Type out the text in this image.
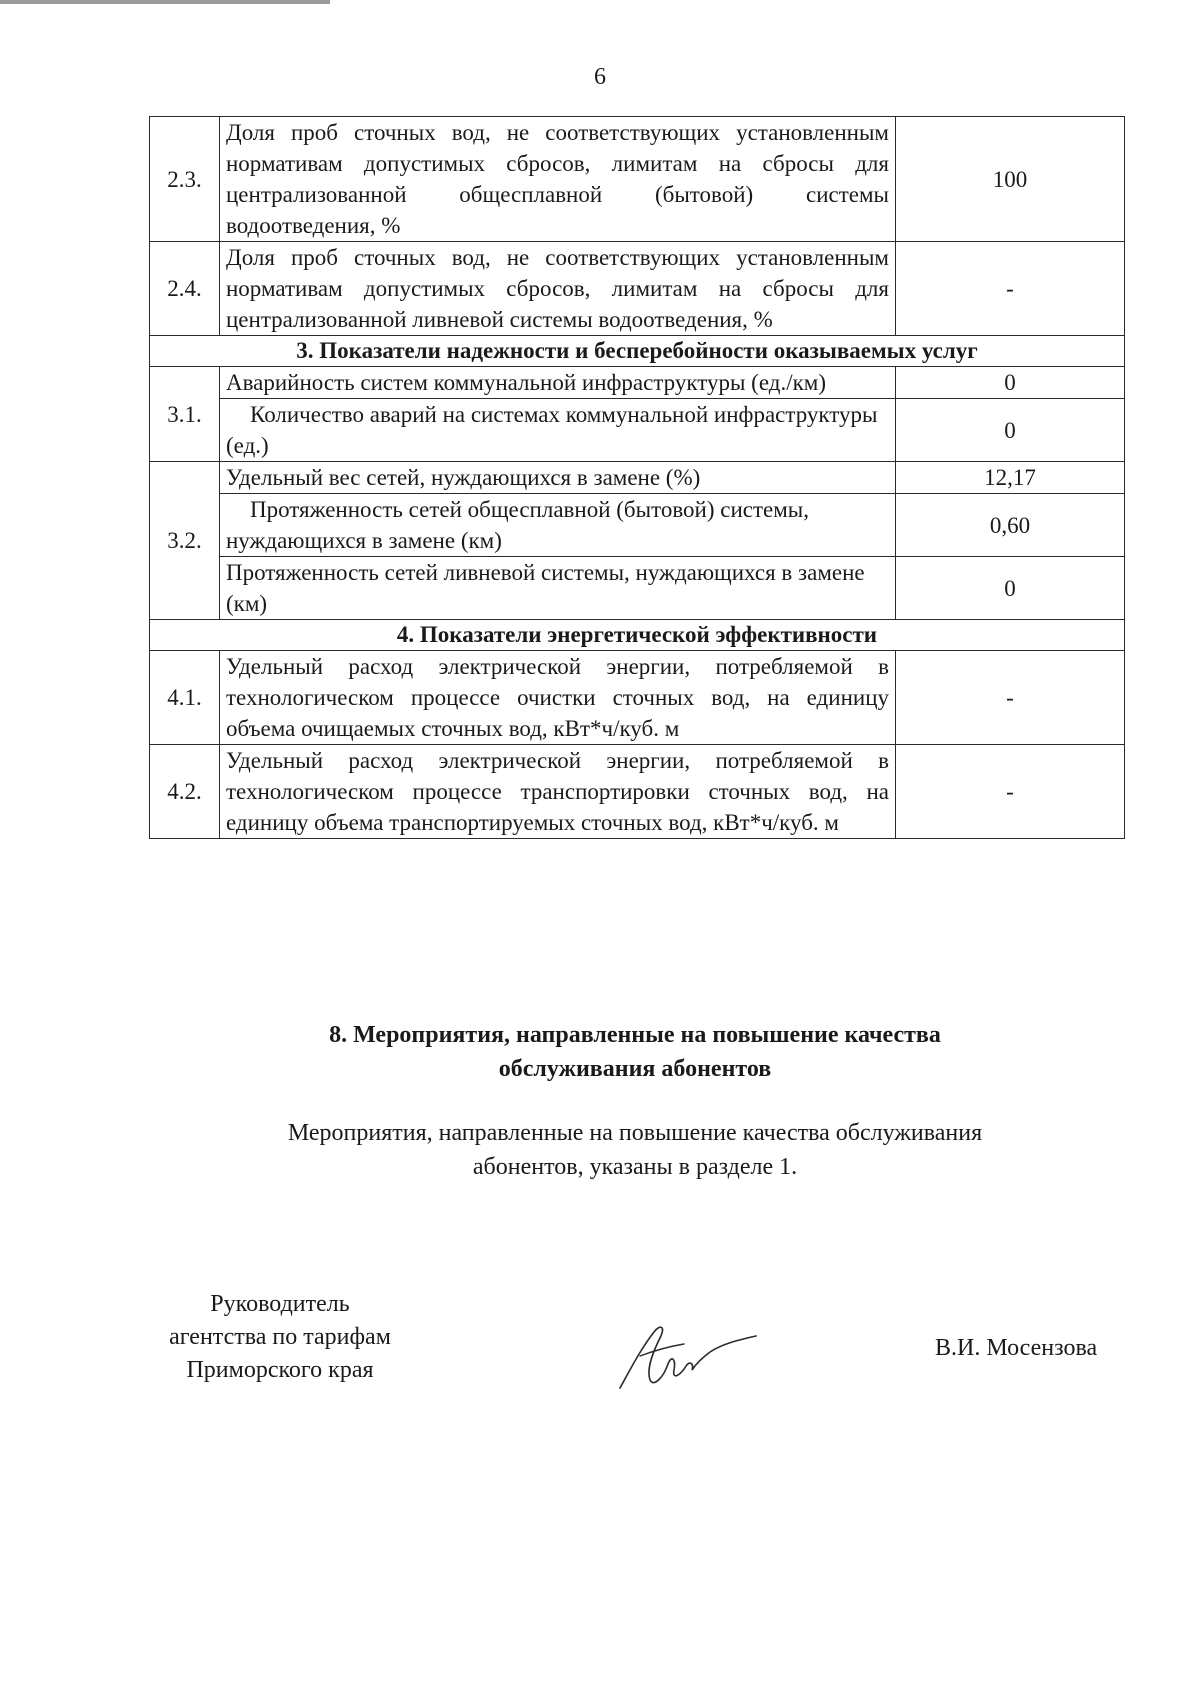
6
2.3.	Доля проб сточных вод, не соответствующих установленным нормативам допустимых сбросов, лимитам на сбросы для централизованной общесплавной (бытовой) системы водоотведения, %	100
2.4.	Доля проб сточных вод, не соответствующих установленным нормативам допустимых сбросов, лимитам на сбросы для централизованной ливневой системы водоотведения, %	-
3. Показатели надежности и бесперебойности оказываемых услуг		
3.1.	Аварийность систем коммунальной инфраструктуры (ед./км)	0
	Количество аварий на системах коммунальной инфраструктуры (ед.)	0
3.2.	Удельный вес сетей, нуждающихся в замене (%)	12,17
	Протяженность сетей общесплавной (бытовой) системы, нуждающихся в замене (км)	0,60
	Протяженность сетей ливневой системы, нуждающихся в замене (км)	0
4. Показатели энергетической эффективности		
4.1.	Удельный расход электрической энергии, потребляемой в технологическом процессе очистки сточных вод, на единицу объема очищаемых сточных вод, кВт*ч/куб. м	-
4.2.	Удельный расход электрической энергии, потребляемой в технологическом процессе транспортировки сточных вод, на единицу объема транспортируемых сточных вод, кВт*ч/куб. м	-
8. Мероприятия, направленные на повышение качества
обслуживания абонентов
Мероприятия, направленные на повышение качества обслуживания
абонентов, указаны в разделе 1.
Руководитель
агентства по тарифам
Приморского края
В.И. Мосензова
